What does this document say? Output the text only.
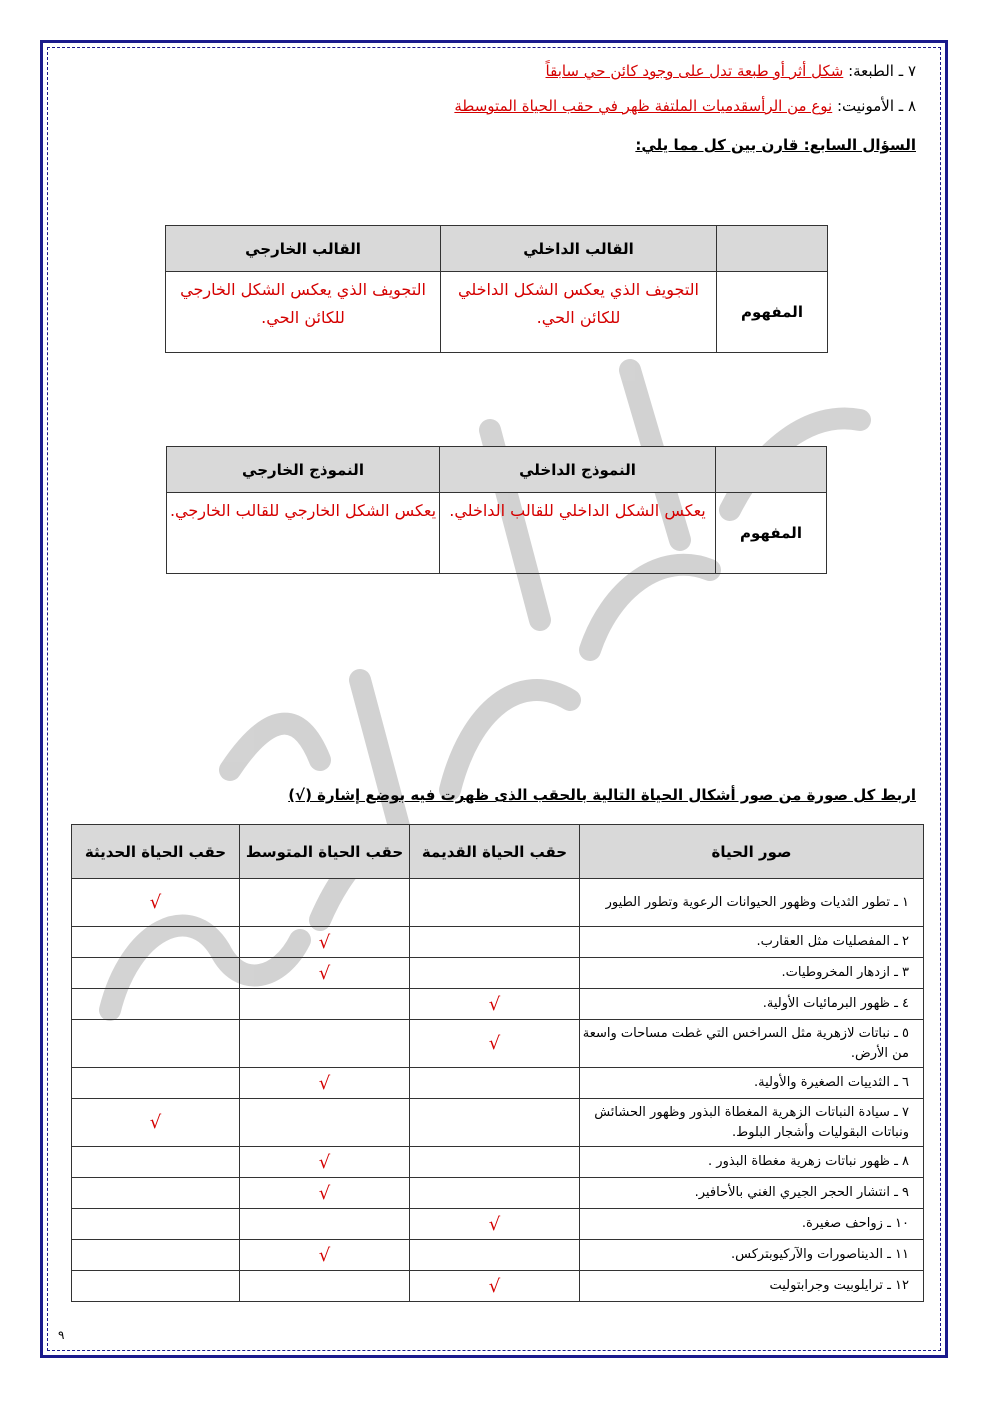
٧ ـ الطبعة: شكل أثر أو طبعة تدل على وجود كائن حي سابقاً
٨ ـ الأمونيت: نوع من الرأسقدميات الملتفة ظهر في حقب الحياة المتوسطة
السؤال السابع: قارن بين كل مما يلي:
	القالب الداخلي	القالب الخارجي
المفهوم	التجويف الذي يعكس الشكل الداخلي للكائن الحي.	التجويف الذي يعكس الشكل الخارجي للكائن الحي.
	النموذج الداخلي	النموذج الخارجي
المفهوم	يعكس الشكل الداخلي للقالب الداخلي.	يعكس الشكل الخارجي للقالب الخارجي.
اربط كل صورة من صور أشكال الحياة التالية بالحقب الذى ظهرت فيه بوضع إشارة (√)
صور الحياة	حقب الحياة القديمة	حقب الحياة المتوسط	حقب الحياة الحديثة
١ ـ تطور الثديات وظهور الحيوانات الرعوية وتطور الطيور			√
٢ ـ المفصليات مثل العقارب.		√	
٣ ـ ازدهار المخروطيات.		√	
٤ ـ ظهور البرمائيات الأولية.	√		
٥ ـ نباتات لازهرية مثل السراخس التي غطت مساحات واسعة من الأرض.	√		
٦ ـ الثدييات الصغيرة والأولية.		√	
٧ ـ سيادة النباتات الزهرية المغطاة البذور وظهور الحشائش ونباتات البقوليات وأشجار البلوط.			√
٨ ـ ظهور نباتات زهرية مغطاة البذور .		√	
٩ ـ انتشار الحجر الجيري الغني بالأحافير.		√	
١٠ ـ زواحف صغيرة.	√		
١١ ـ الديناصورات والآركيوبتركس.		√	
١٢ ـ ترايلوبيت وجرابتوليت	√		
٩
